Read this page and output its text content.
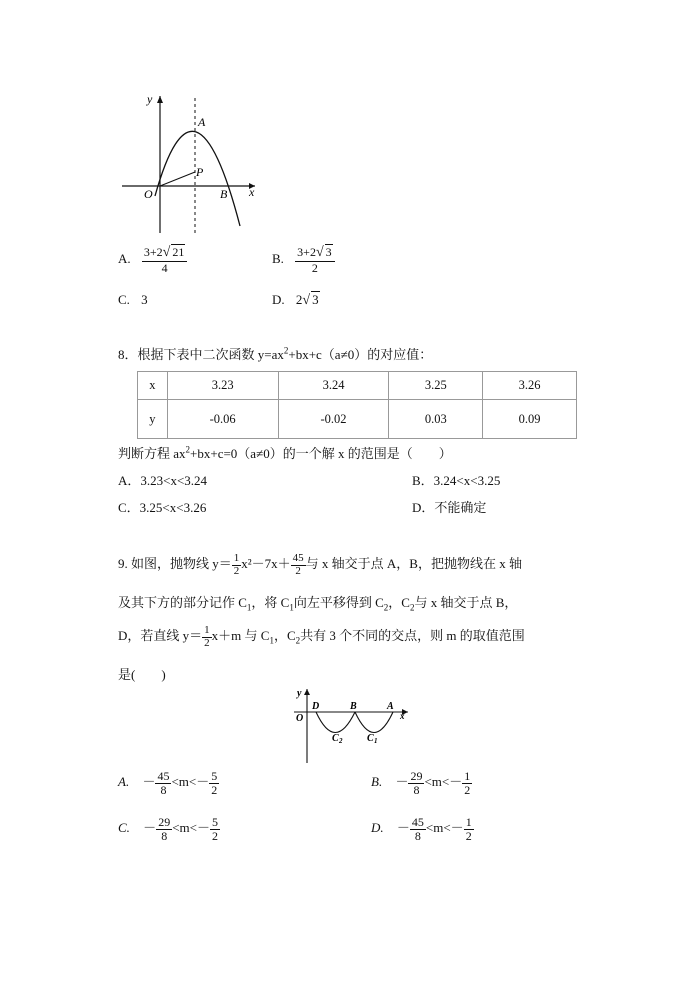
y
x
A
P
O	B
A. $\frac{3+2√ 21}{4}$	B. $\frac{3+2√ 3}{2}$
C. 3	D. 2√ 3
8．根据下表中二次函数 $y=ax^2+bx+c(a\ne 0)$的对应值：
x	3.23	3.24	3.25	3.26
y	-0.06	-0.02	0.03	0.09
判断方程 $ax^2+bx+c=0(a\ne 0)$的一个解 x 的范围是（　　）
A．3.23<x<3.24	B．3.24<x<3.25
C．3.25<x<3.26	D．不能确定
9. 如图，抛物线 $y= \frac{1}{2} x^2-7x+ \frac{45}{2}$ 与 x 轴交于点 A，B，把抛物线在 x 轴
及其下方的部分记作 $C_1$，将 $C_1$向左平移得到 $C_2$，$C_2$与 x 轴交于点 B，
D，若直线 $y= \frac{1}{2} x+m$ 与 $C_1$，$C_2$共有 3 个不同的交点，则 m 的取值范围
是(　　)
y
O
D	B	A
x
C 2 C 1
A. － $\frac{45}{8} <m<- \frac{5}{2}$	B. － $\frac{29}{8} <m<- \frac{1}{2}$
C. － $\frac{29}{8} <m<- \frac{5}{2}$	D. － $\frac{45}{8} <m<- \frac{1}{2}$
